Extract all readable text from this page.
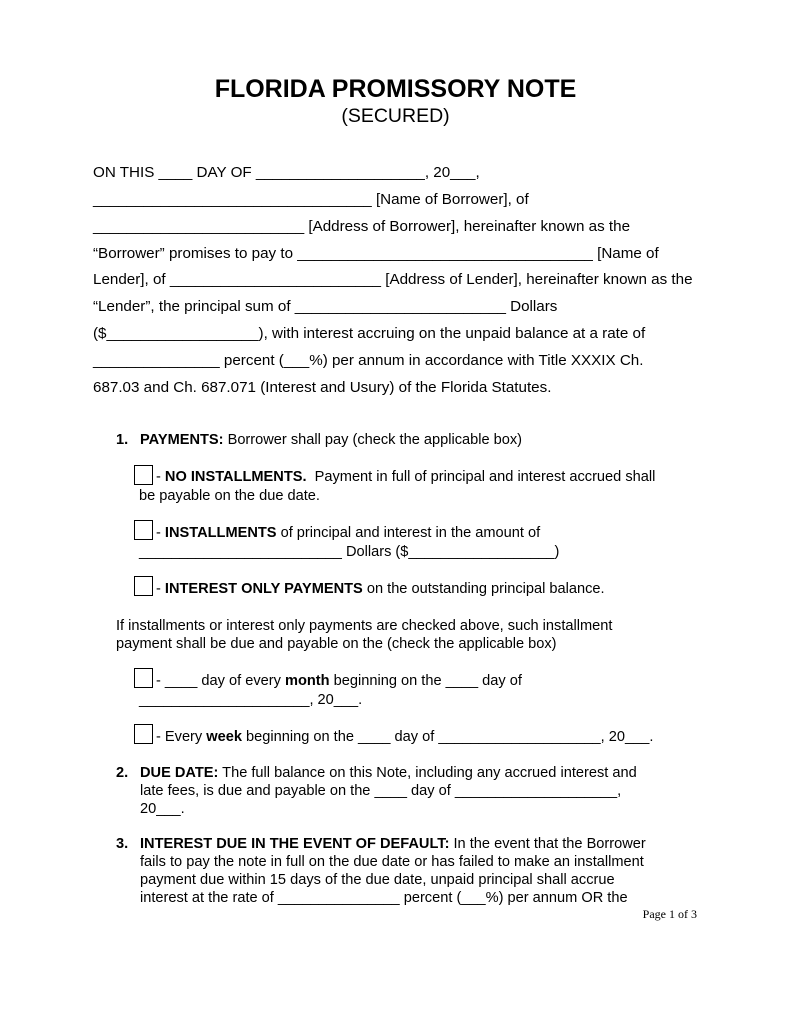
FLORIDA PROMISSORY NOTE
(SECURED)
ON THIS ____ DAY OF ____________________, 20___,
_________________________________ [Name of Borrower], of
_________________________ [Address of Borrower], hereinafter known as the
“Borrower” promises to pay to ___________________________________ [Name of
Lender], of _________________________ [Address of Lender], hereinafter known as the
“Lender”, the principal sum of _________________________ Dollars
($__________________), with interest accruing on the unpaid balance at a rate of
_______________ percent (___%) per annum in accordance with Title XXXIX Ch.
687.03 and Ch. 687.071 (Interest and Usury) of the Florida Statutes.
1. PAYMENTS: Borrower shall pay (check the applicable box)
- NO INSTALLMENTS.  Payment in full of principal and interest accrued shall
be payable on the due date.
- INSTALLMENTS of principal and interest in the amount of
_________________________ Dollars ($__________________)
- INTEREST ONLY PAYMENTS on the outstanding principal balance.
If installments or interest only payments are checked above, such installment
payment shall be due and payable on the (check the applicable box)
- ____ day of every month beginning on the ____ day of
_____________________, 20___.
- Every week beginning on the ____ day of ____________________, 20___.
2. DUE DATE: The full balance on this Note, including any accrued interest and
late fees, is due and payable on the ____ day of ____________________,
20___.
3. INTEREST DUE IN THE EVENT OF DEFAULT: In the event that the Borrower
fails to pay the note in full on the due date or has failed to make an installment
payment due within 15 days of the due date, unpaid principal shall accrue
interest at the rate of _______________ percent (___%) per annum OR the
Page 1 of 3
